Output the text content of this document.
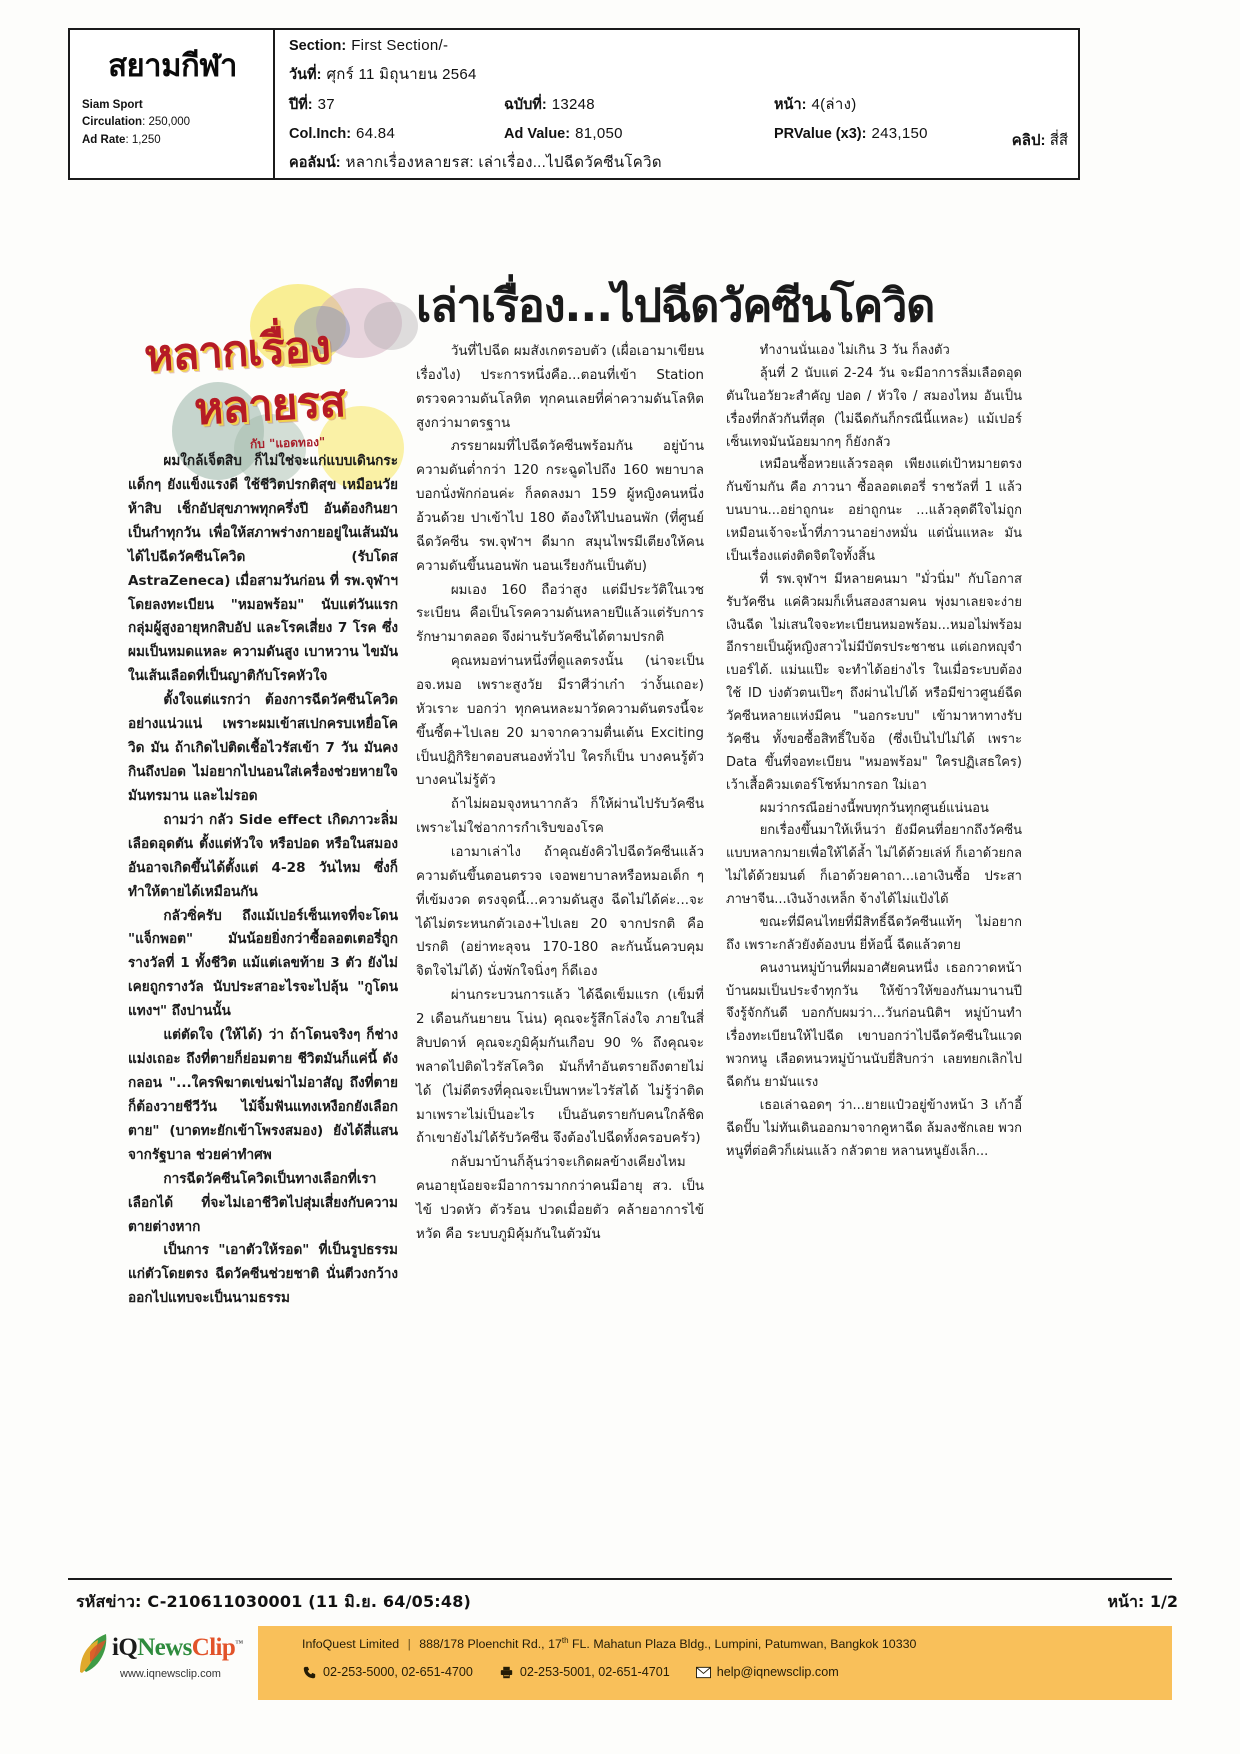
สยามกีฬา
Siam Sport
Circulation: 250,000
Ad Rate: 1,250
Section : First Section/-
วันที่ : ศุกร์ 11 มิถุนายน 2564
ปีที่ : 37	ฉบับที่ : 13248	หน้า : 4(ล่าง)
Col.Inch : 64.84	Ad Value : 81,050	PRValue (x3) : 243,150
คอลัมน์ : หลากเรื่องหลายรส: เล่าเรื่อง...ไปฉีดวัคซีนโควิด
คลิป: สี่สี
หลากเรื่อง
หลายรส
กับ "แอดทอง"
เล่าเรื่อง...ไปฉีดวัคซีนโควิด

ผมใกล้เจ็ตสิบ ก็ไม่ใช่จะแก่แบบเดินกระแด็กๆ ยังแข็งแรงดี ใช้ชีวิตปรกติสุข เหมือนวัยห้าสิบ เช็กอัปสุขภาพทุกครึ่งปี อันต้องกินยาเป็นกำทุกวัน เพื่อให้สภาพร่างกายอยู่ในเส้นมัน ได้ไปฉีดวัคซีนโควิด (รับโดส AstraZeneca) เมื่อสามวันก่อน ที่ รพ.จุฬาฯ โดยลงทะเบียน "หมอพร้อม" นับแต่วันแรก กลุ่มผู้สูงอายุหกสิบอัป และโรคเสี่ยง 7 โรค ซึ่งผมเป็นหมดแหละ ความดันสูง เบาหวาน ไขมันในเส้นเลือดที่เป็นญาติกับโรคหัวใจ

ตั้งใจแต่แรกว่า ต้องการฉีดวัคซีนโควิดอย่างแน่วแน่ เพราะผมเข้าสเปกครบเหยื่อโควิด มัน ถ้าเกิดไปติดเชื้อไวรัสเข้า 7 วัน มันคงกินถึงปอด ไม่อยากไปนอนใส่เครื่องช่วยหายใจ มันทรมาน และไม่รอด

ถามว่า กลัว Side effect เกิดภาวะลิ่มเลือดอุดตัน ตั้งแต่หัวใจ หรือปอด หรือในสมอง อันอาจเกิดขึ้นได้ตั้งแต่ 4-28 วันไหม ซึ่งก็ทำให้ตายได้เหมือนกัน

กลัวซิ่ครับ ถึงแม้เปอร์เซ็นเทจที่จะโดน "แจ็กพอต" มันน้อยยิ่งกว่าซื้อลอตเตอรี่ถูกรางวัลที่ 1 ทั้งชีวิต แม้แต่เลขท้าย 3 ตัว ยังไม่เคยถูกรางวัล นับประสาอะไรจะไปลุ้น "กูโดนแทงฯ" ถึงปานนั้น

แต่ตัดใจ (ให้ได้) ว่า ถ้าโดนจริงๆ ก็ช่างแม่งเถอะ ถึงที่ตายก็ย่อมตาย ชีวิตมันก็แค่นี้ ดังกลอน "...ใครพิฆาตเข่นฆ่าไม่อาสัญ ถึงที่ตายก็ต้องวายชีวีวัน ไม้จิ้มฟันแทงเหงือกยังเลือกตาย" (บาดทะยักเข้าโพรงสมอง) ยังได้สี่แสนจากรัฐบาล ช่วยค่าทำศพ

การฉีดวัคซีนโควิดเป็นทางเลือกที่เราเลือกได้ ที่จะไม่เอาชีวิตไปสุ่มเสี่ยงกับความตายต่างหาก

เป็นการ "เอาตัวให้รอด" ที่เป็นรูปธรรมแก่ตัวโดยตรง ฉีดวัคซีนช่วยชาติ นั่นตีวงกว้างออกไปแทบจะเป็นนามธรรม

วันที่ไปฉีด ผมสังเกตรอบตัว (เผื่อเอามาเขียนเรื่องไง) ประการหนึ่งคือ...ตอนที่เข้า Station ตรวจความดันโลหิต ทุกคนเลยที่ค่าความดันโลหิตสูงกว่ามาตรฐาน

ภรรยาผมที่ไปฉีดวัคซีนพร้อมกัน อยู่บ้านความดันต่ำกว่า 120 กระฉูดไปถึง 160 พยาบาลบอกนั่งพักก่อนค่ะ ก็ลดลงมา 159 ผู้หญิงคนหนึ่งอ้วนด้วย ปาเข้าไป 180 ต้องให้ไปนอนพัก (ที่ศูนย์ฉีดวัคซีน รพ.จุฬาฯ ดีมาก สมุนไพรมีเตียงให้คนความดันขึ้นนอนพัก นอนเรียงกันเป็นตับ)

ผมเอง 160 ถือว่าสูง แต่มีประวัติในเวชระเบียน คือเป็นโรคความดันหลายปีแล้วแต่รับการรักษามาตลอด จึงผ่านรับวัคซีนได้ตามปรกติ

คุณหมอท่านหนึ่งที่ดูแลตรงนั้น (น่าจะเป็น อจ.หมอ เพราะสูงวัย มีราศีว่าเก๋า ว่างั้นเถอะ) หัวเราะ บอกว่า ทุกคนหละมาวัดความดันตรงนี้จะขึ้นซี้ต+ไปเลย 20 มาจากความตื่นเต้น Exciting เป็นปฏิกิริยาตอบสนองทั่วไป ใครก็เป็น บางคนรู้ตัว บางคนไม่รู้ตัว

ถ้าไม่ผอมจุงหนาากลัว ก็ให้ผ่านไปรับวัคซีน เพราะไม่ใช่อาการกำเริบของโรค

เอามาเล่าไง ถ้าคุณยังคิวไปฉีดวัคซีนแล้วความดันขึ้นตอนตรวจ เจอพยาบาลหรือหมอเด็ก ๆ ที่เข้มงวด ตรงจุดนี้...ความดันสูง ฉีดไม่ได้ค่ะ...จะได้ไม่ตระหนกตัวเอง+ไปเลย 20 จากปรกติ คือปรกติ (อย่าทะลุจน 170-180 ละกันนั้นควบคุมจิตใจไม่ได้) นั่งพักใจนิ่งๆ ก็ดีเอง

ผ่านกระบวนการแล้ว ได้ฉีดเข็มแรก (เข็มที่ 2 เดือนกันยายน โน่น) คุณจะรู้สึกโล่งใจ ภายในสี่สิบปดาห์ คุณจะภูมิคุ้มกันเกือบ 90 % ถึงคุณจะพลาดไปติดไวรัสโควิด มันก็ทำอันตรายถึงตายไม่ได้ (ไม่ดีตรงที่คุณจะเป็นพาหะไวรัสได้ ไม่รู้ว่าติดมาเพราะไม่เป็นอะไร เป็นอันตรายกับคนใกล้ชิด ถ้าเขายังไม่ได้รับวัคซีน จึงต้องไปฉีดทั้งครอบครัว)

กลับมาบ้านก็ลุ้นว่าจะเกิดผลข้างเคียงไหม คนอายุน้อยจะมีอาการมากกว่าคนมีอายุ สว. เป็นไข้ ปวดหัว ตัวร้อน ปวดเมื่อยตัว คล้ายอาการไข้หวัด คือ ระบบภูมิคุ้มกันในตัวมัน

ทำงานนั่นเอง ไม่เกิน 3 วัน ก็ลงตัว

ลุ้นที่ 2 นับแต่ 2-24 วัน จะมีอาการลิ่มเลือดอุดตันในอวัยวะสำคัญ ปอด / หัวใจ / สมองไหม อันเป็นเรื่องที่กลัวกันที่สุด (ไม่ฉีดกันก็กรณีนี้แหละ) แม้เปอร์เซ็นเทจมันน้อยมากๆ ก็ยังกลัว

เหมือนซื้อหวยแล้วรอลุต เพียงแต่เป้าหมายตรงกันข้ามกัน คือ ภาวนา ซื้อลอตเตอรี่ ราชวัลที่ 1 แล้วบนบาน...อย่าถูกนะ อย่าถูกนะ ...แล้วลุตดีใจไม่ถูก เหมือนเจ้าจะน้ำที่ภาวนาอย่างหมั่น แต่นั่นแหละ มันเป็นเรื่องแต่งติดจิตใจทั้งสิ้น

ที่ รพ.จุฬาฯ มีหลายคนมา "มั่วนิ่ม" กับโอกาสรับวัคซีน แค่คิวผมก็เห็นสองสามคน พุ่งมาเลยจะง่ายเงินฉีด ไม่เสนใจจะทะเบียนหมอพร้อม...หมอไม่พร้อม อีกรายเป็นผู้หญิงสาวไม่มีบัตรประชาชน แต่เอกหญุจำเบอร์ได้. แม่นแป๊ะ จะทำได้อย่างไร ในเมื่อระบบต้องใช้ ID บ่งตัวตนเป๊ะๆ ถึงผ่านไปได้ หรือมีข่าวศูนย์ฉีดวัคซีนหลายแห่งมีคน "นอกระบบ" เข้ามาหาทางรับวัคซีน ทั้งขอซื้อสิทธิ์ใบจ้อ (ซึ่งเป็นไปไม่ได้ เพราะ Data ขึ้นที่จอทะเบียน "หมอพร้อม" ใครปฏิเสธใคร) เว้าเสื้อคิวมเตอร์โชห์มากรอก ใม่เอา

ผมว่ากรณีอย่างนี้พบทุกวันทุกศูนย์แน่นอน

ยกเรื่องขึ้นมาให้เห็นว่า ยังมีคนที่อยากถึงวัคซีนแบบหลากมายเพื่อให้ได้ล้ำ ไม่ได้ด้วยเล่ห์ ก็เอาด้วยกล ไม่ได้ด้วยมนต์ ก็เอาด้วยคาถา...เอาเงินซื้อ ประสาภาษาจีน...เงินง้างเหล็ก จ้างได้ไม่แป้งได้

ขณะที่มีคนไทยที่มีสิทธิ์ฉีดวัคซีนแท้ๆ ไม่อยากถึง เพราะกลัวยังต้องบน ยี่ห้อนี้ ฉีดแล้วตาย

คนงานหมู่บ้านที่ผมอาศัยคนหนึ่ง เธอกวาดหน้าบ้านผมเป็นประจำทุกวัน ให้ข้าวให้ของกันมานานปี จึงรู้จักกันดี บอกกับผมว่า...วันก่อนนิติฯ หมู่บ้านทำเรื่องทะเบียนให้ไปฉีด เขาบอกว่าไปฉีดวัคซีนในแวด พวกหนู เลือดหนวหมู่บ้านนับยี่สิบกว่า เลยทยกเลิกไปฉีดกัน ยามันแรง

เธอเล่าฉอดๆ ว่า...ยายแป๋วอยู่ข้างหน้า 3 เก้าอี้ ฉีดปั๊บ ไม่ทันเดินออกมาจากคูหาฉีด ล้มลงชักเลย พวกหนูที่ต่อคิวก็เผ่นแล้ว กลัวตาย หลานหนูยังเล็ก...

รหัสข่าว: C-210611030001 (11 มิ.ย. 64/05:48)	หน้า: 1/2
iQNewsClip™
www.iqnewsclip.com
InfoQuest Limited | 888/178 Ploenchit Rd., 17th FL. Mahatun Plaza Bldg., Lumpini, Patumwan, Bangkok 10330
02-253-5000, 02-651-4700	02-253-5001, 02-651-4701	help@iqnewsclip.com
